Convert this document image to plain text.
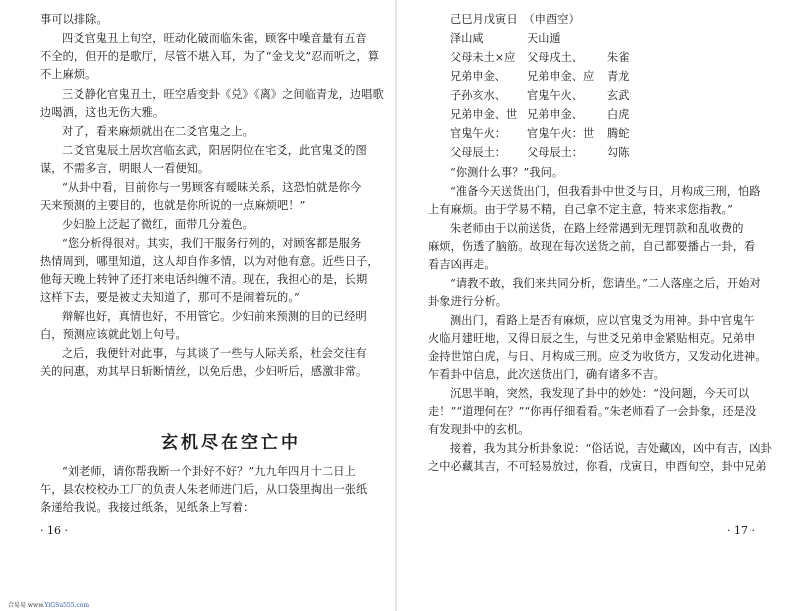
事可以排除。
四爻官鬼丑上旬空，旺动化破而临朱雀，顾客中噪音量有五音
不全的，但开的是歌厅，尽管不堪入耳，为了“金戈戈”忍而听之，算
不上麻烦。
三爻静化官鬼丑土，旺空盾变卦《兑》《离》之间临青龙，边唱歌
边喝酒，这也无伤大雅。
对了，看来麻烦就出在二爻官鬼之上。
二爻官鬼辰土居坎宫临玄武，阳居阴位在宅爻，此官鬼爻的图
谋，不需多言，明眼人一看便知。
“从卦中看，目前你与一男顾客有暧昧关系，这恐怕就是你今
天来预测的主要目的，也就是你所说的一点麻烦吧！”
少妇脸上泛起了微红，面带几分羞色。
“您分析得很对。其实，我们干服务行列的，对顾客都是服务
热情周到，哪里知道，这人却自作多情，以为对他有意。近些日子，
他每天晚上转钟了还打来电话纠缠不清。现在，我担心的是，长期
这样下去，要是被丈夫知道了，那可不是闹着玩的。”
辩解也好，真情也好，不用管它。少妇前来预测的目的已经明
白，预测应该就此划上句号。
之后，我便针对此事，与其谈了一些与人际关系，杜会交往有
关的问惠，劝其早日斩断情丝，以免后患，少妇听后，感激非常。
玄机尽在空亡中
“刘老师，请你帮我断一个卦好不好？”九九年四月十二日上
午，县农校校办工厂的负责人朱老师进门后，从口袋里掏出一张纸
条递给我说。我接过纸条，见纸条上写着：
· 16 ·
己巳月戊寅日　（申酉空）
泽山咸	天山遁
父母未土×应 父母戌土、 朱雀
兄弟申金、 兄弟申金、应 青龙
子孙亥水、 官鬼午火、 玄武
兄弟申金、世 兄弟申金、 白虎
官鬼午火： 官鬼午火：世 腾蛇
父母辰土： 父母辰土： 勾陈
“你测什么事？”我问。
“准备今天送货出门，但我看卦中世爻与日，月构成三刑，怕路
上有麻烦。由于学易不精，自己拿不定主意，特来求您指教。”
朱老师由于以前送货，在路上经常遇到无理罚款和乱收费的
麻烦，伤透了脑筋。故现在每次送货之前，自己都要播占一卦，看
看吉凶再走。
“请教不敢，我们来共同分析，您请坐。”二人落座之后，开始对
卦象进行分析。
测出门，看路上是否有麻烦，应以官鬼爻为用神。卦中官鬼午
火临月建旺地，又得日辰之生，与世爻兄弟申金紧贴相克。兄弟申
金持世馆白虎，与日、月构成三刑。应爻为收货方，又发动化进神。
乍看卦中信息，此次送货出门，确有诸多不吉。
沉思半晌，突然，我发现了卦中的妙处：“没问题，今天可以
走！”“道理何在？”“你再仔细看看。”朱老师看了一会卦象，还是没
有发现卦中的玄机。
接着，我为其分析卦象说：“俗话说，吉处藏凶，凶中有吉，凶卦
之中必藏其吉，不可轻易放过，你看，戊寅日，申酉旬空，卦中兄弟
· 17 ·
合易易 www.YiGSu555.com
